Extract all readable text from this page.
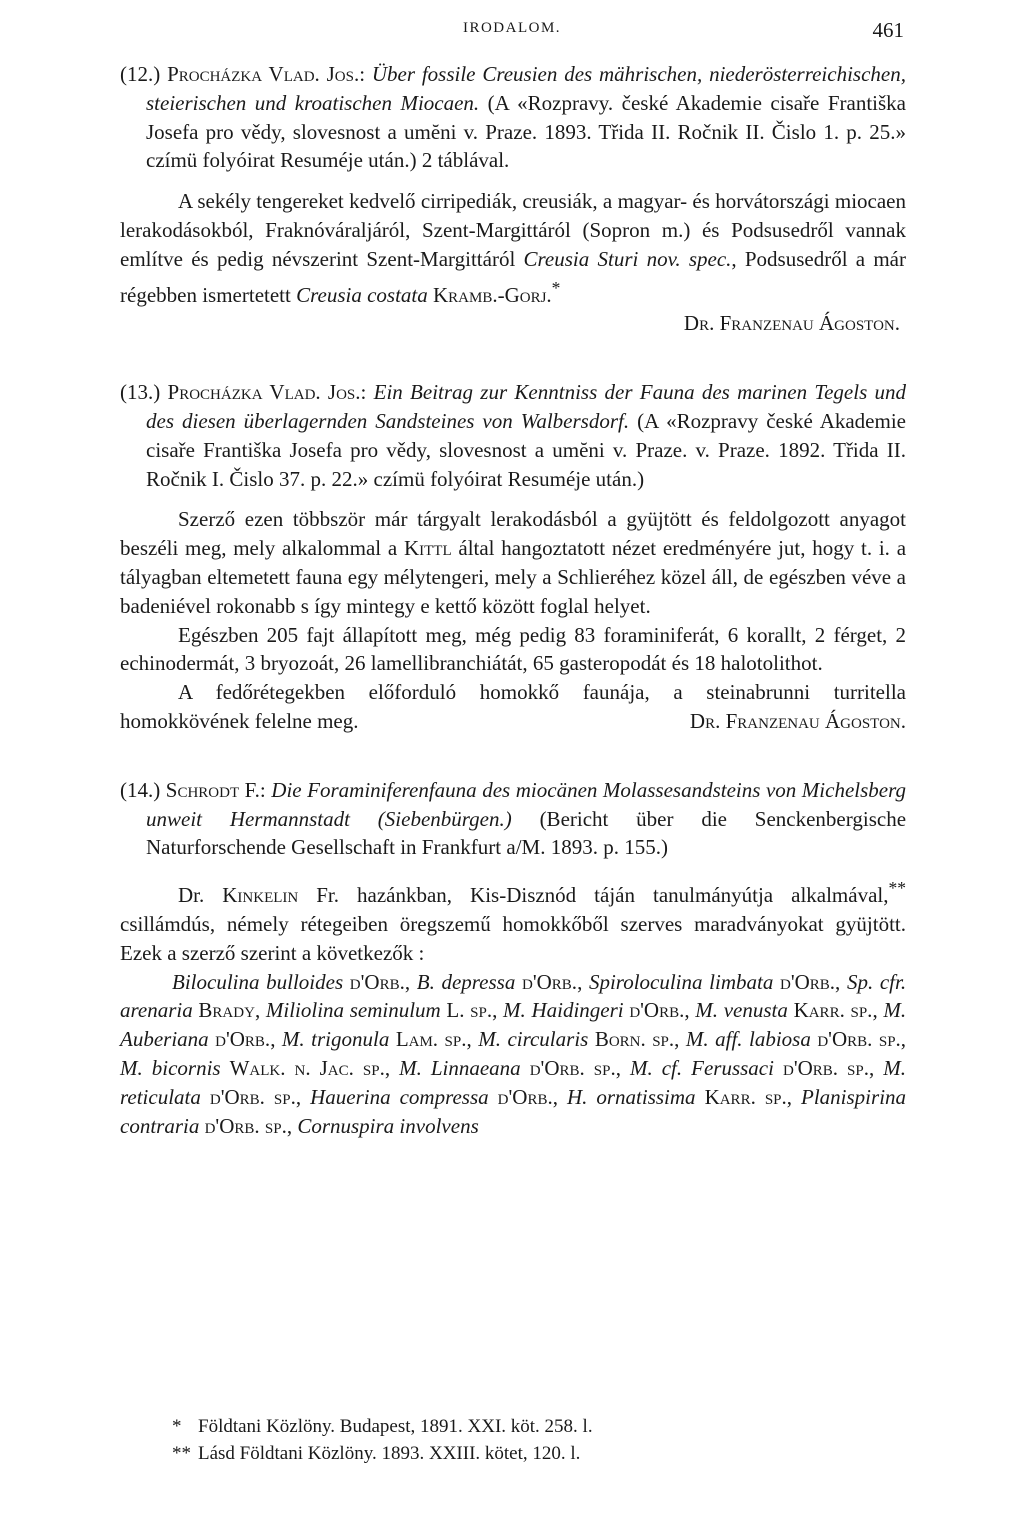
IRODALOM.	461

(12.) Procházka Vlad. Jos.: Über fossile Creusien des mährischen, niederösterreichischen, steierischen und kroatischen Miocaen. (A «Rozpravy. české Akademie cisaře Františka Josefa pro vědy, slovesnost a umĕni v. Praze. 1893. Třida II. Ročnik II. Čislo 1. p. 25.» czímü folyóirat Resuméje után.) 2 táblával.

A sekély tengereket kedvelő cirripediák, creusiák, a magyar- és horvátországi miocaen lerakodásokból, Fraknóváraljáról, Szent-Margittáról (Sopron m.) és Podsusedről vannak említve és pedig névszerint Szent-Margittáról Creusia Sturi nov. spec., Podsusedről a már régebben ismertetett Creusia costata Kramb.-Gorj.*

Dr. Franzenau Ágoston.

(13.) Procházka Vlad. Jos.: Ein Beitrag zur Kenntniss der Fauna des marinen Tegels und des diesen überlagernden Sandsteines von Walbersdorf. (A «Rozpravy české Akademie cisaře Františka Josefa pro vědy, slovesnost a umĕni v. Praze. v. Praze. 1892. Třida II. Ročnik I. Čislo 37. p. 22.» czímü folyóirat Resuméje után.)

Szerző ezen többször már tárgyalt lerakodásból a gyüjtött és feldolgozott anyagot beszéli meg, mely alkalommal a Kittl által hangoztatott nézet eredményére jut, hogy t. i. a tályagban eltemetett fauna egy mélytengeri, mely a Schlieréhez közel áll, de egészben véve a badeniével rokonabb s így mintegy e kettő között foglal helyet.

Egészben 205 fajt állapított meg, még pedig 83 foraminiferát, 6 korallt, 2 férget, 2 echinodermát, 3 bryozoát, 26 lamellibranchiátát, 65 gasteropodát és 18 halotolithot.

A fedőrétegekben előforduló homokkő faunája, a steinabrunni turritella homokkövének felelne meg.	Dr. Franzenau Ágoston.

(14.) Schrodt F.: Die Foraminiferenfauna des miocänen Molassesandsteins von Michelsberg unweit Hermannstadt (Siebenbürgen.) (Bericht über die Senckenbergische Naturforschende Gesellschaft in Frankfurt a/M. 1893. p. 155.)

Dr. Kinkelin Fr. hazánkban, Kis-Disznód táján tanulmányútja alkalmával,** csillámdús, némely rétegeiben öregszemű homokkőből szerves maradványokat gyüjtött. Ezek a szerző szerint a következők :

Biloculina bulloides d'Orb., B. depressa d'Orb., Spiroloculina limbata d'Orb., Sp. cfr. arenaria Brady, Miliolina seminulum L. sp., M. Haidingeri d'Orb., M. venusta Karr. sp., M. Auberiana d'Orb., M. trigonula Lam. sp., M. circularis Born. sp., M. aff. labiosa d'Orb. sp., M. bicornis Walk. n. Jac. sp., M. Linnaeana d'Orb. sp., M. cf. Ferussaci d'Orb. sp., M. reticulata d'Orb. sp., Hauerina compressa d'Orb., H. ornatissima Karr. sp., Planispirina contraria d'Orb. sp., Cornuspira involvens

* Földtani Közlöny. Budapest, 1891. XXI. köt. 258. l.

** Lásd Földtani Közlöny. 1893. XXIII. kötet, 120. l.
